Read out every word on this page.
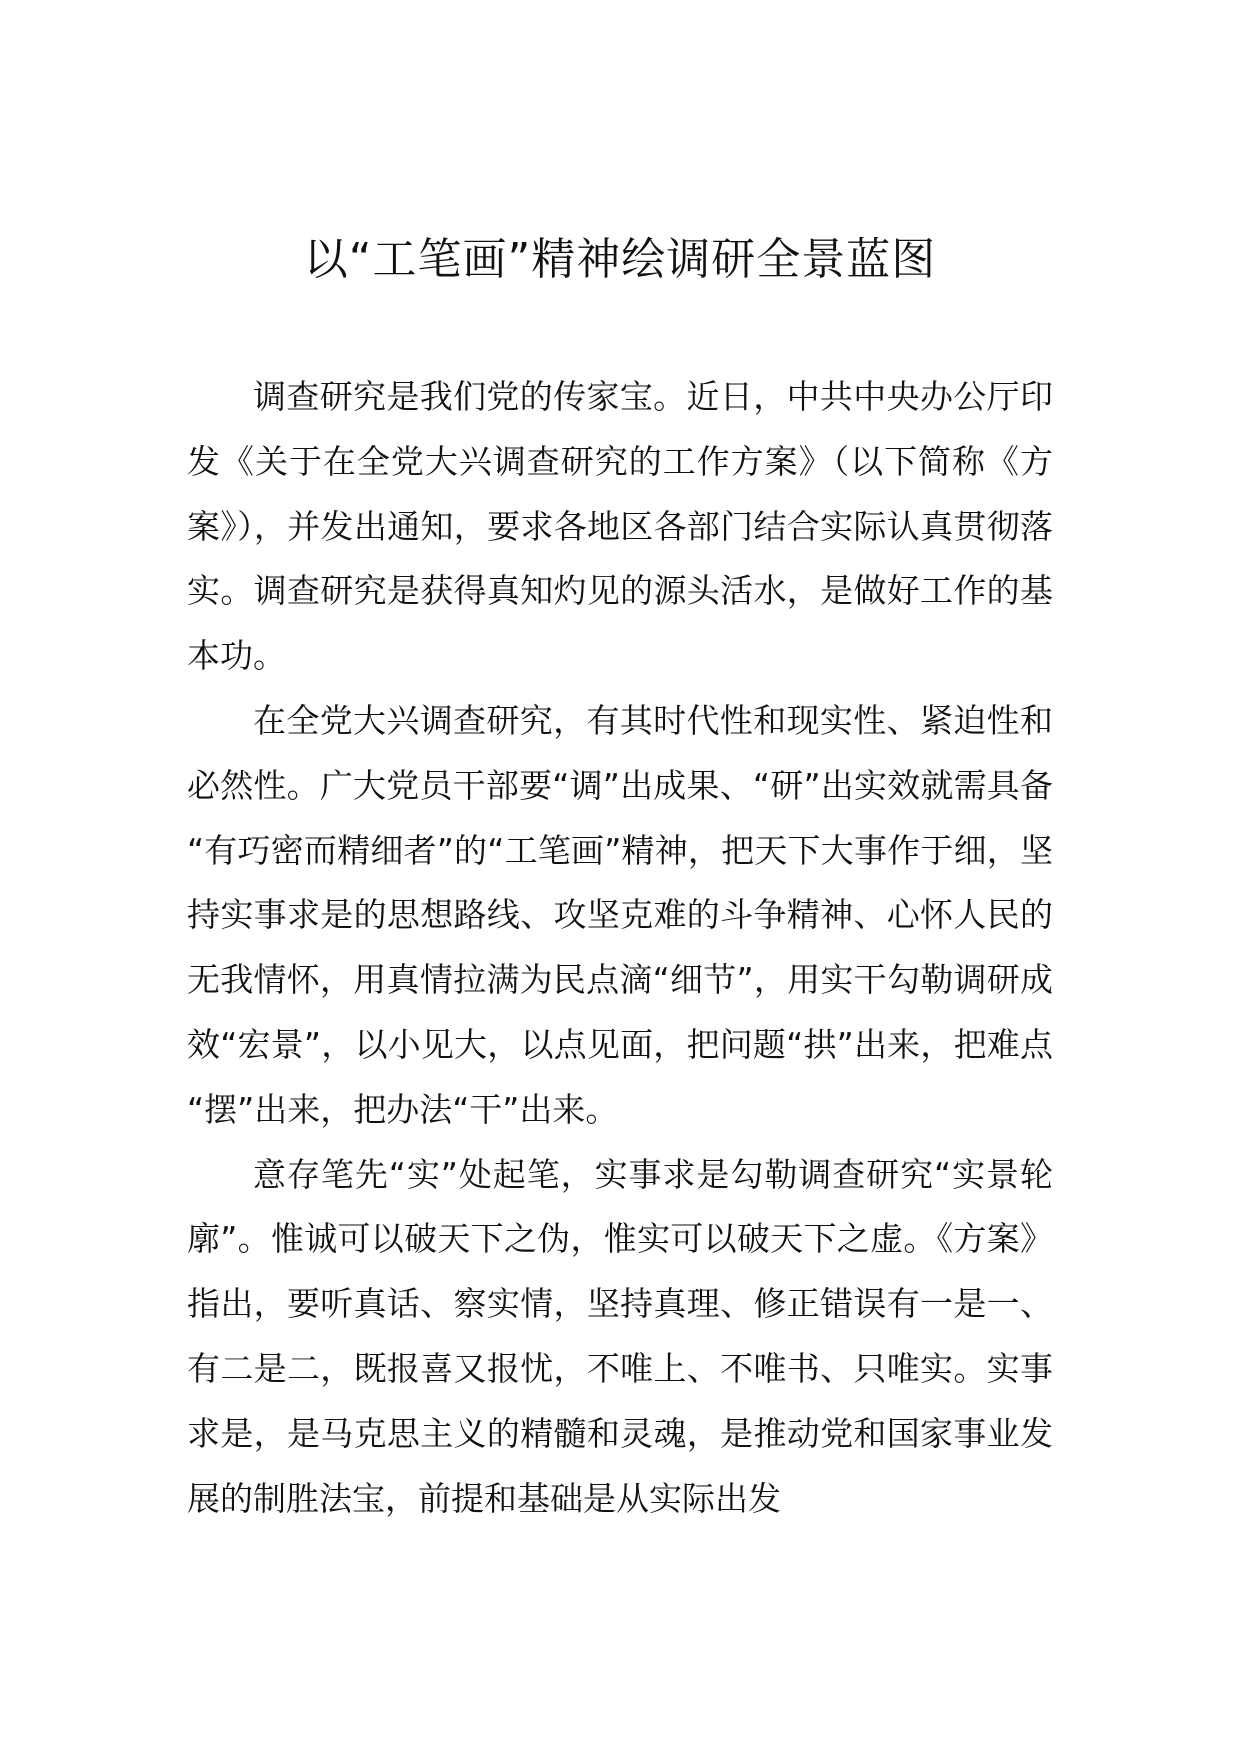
以“工笔画”精神绘调研全景蓝图

调查研究是我们党的传家宝。近日，中共中央办公厅印发《关于在全党大兴调查研究的工作方案》（以下简称《方案》），并发出通知，要求各地区各部门结合实际认真贯彻落实。调查研究是获得真知灼见的源头活水，是做好工作的基本功。

在全党大兴调查研究，有其时代性和现实性、紧迫性和必然性。广大党员干部要“调”出成果、“研”出实效就需具备“有巧密而精细者”的“工笔画”精神，把天下大事作于细，坚持实事求是的思想路线、攻坚克难的斗争精神、心怀人民的无我情怀，用真情拉满为民点滴“细节”，用实干勾勒调研成效“宏景”，以小见大，以点见面，把问题“拱”出来，把难点“摆”出来，把办法“干”出来。

意存笔先“实”处起笔，实事求是勾勒调查研究“实景轮廓”。惟诚可以破天下之伪，惟实可以破天下之虚。《方案》指出，要听真话、察实情，坚持真理、修正错误有一是一、有二是二，既报喜又报忧，不唯上、不唯书、只唯实。实事求是，是马克思主义的精髓和灵魂，是推动党和国家事业发展的制胜法宝，前提和基础是从实际出发
